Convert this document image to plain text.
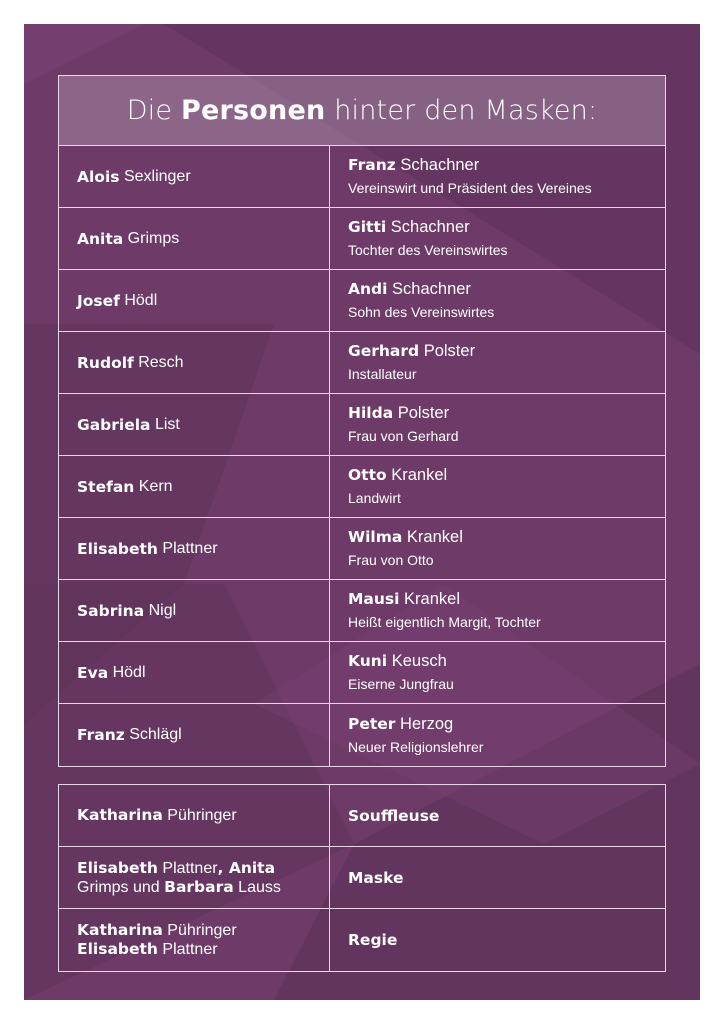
Die Personen hinter den Masken:
Alois Sexlinger
Franz Schachner
Vereinswirt und Präsident des Vereines
Anita Grimps
Gitti Schachner
Tochter des Vereinswirtes
Josef Hödl
Andi Schachner
Sohn des Vereinswirtes
Rudolf Resch
Gerhard Polster
Installateur
Gabriela List
Hilda Polster
Frau von Gerhard
Stefan Kern
Otto Krankel
Landwirt
Elisabeth Plattner
Wilma Krankel
Frau von Otto
Sabrina Nigl
Mausi Krankel
Heißt eigentlich Margit, Tochter
Eva Hödl
Kuni Keusch
Eiserne Jungfrau
Franz Schlägl
Peter Herzog
Neuer Religionslehrer
Katharina Pühringer	Souffleuse
Elisabeth Plattner, Anita
Grimps und Barbara Lauss
Maske
Katharina Pühringer
Elisabeth Plattner
Regie
